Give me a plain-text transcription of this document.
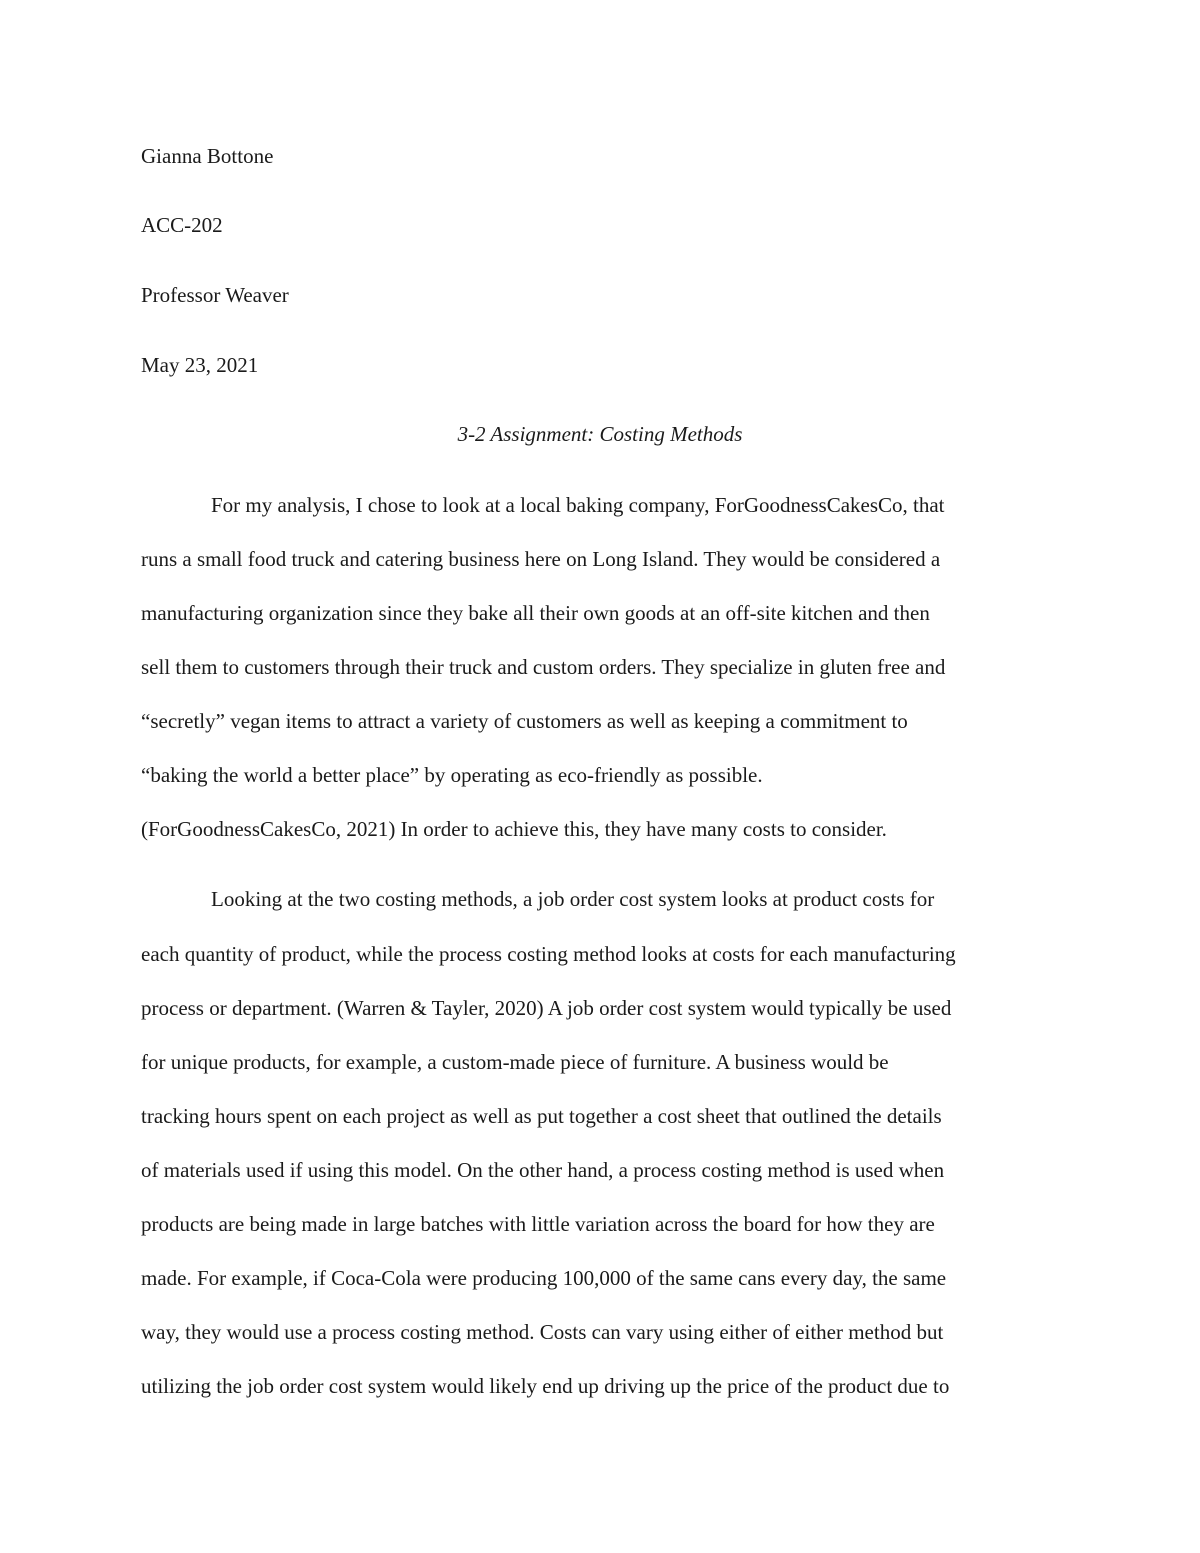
Gianna Bottone
ACC-202
Professor Weaver
May 23, 2021
3-2 Assignment: Costing Methods
For my analysis, I chose to look at a local baking company, ForGoodnessCakesCo, that
runs a small food truck and catering business here on Long Island. They would be considered a
manufacturing organization since they bake all their own goods at an off-site kitchen and then
sell them to customers through their truck and custom orders. They specialize in gluten free and
“secretly” vegan items to attract a variety of customers as well as keeping a commitment to
“baking the world a better place” by operating as eco-friendly as possible.
(ForGoodnessCakesCo, 2021) In order to achieve this, they have many costs to consider.
Looking at the two costing methods, a job order cost system looks at product costs for
each quantity of product, while the process costing method looks at costs for each manufacturing
process or department. (Warren & Tayler, 2020) A job order cost system would typically be used
for unique products, for example, a custom-made piece of furniture. A business would be
tracking hours spent on each project as well as put together a cost sheet that outlined the details
of materials used if using this model. On the other hand, a process costing method is used when
products are being made in large batches with little variation across the board for how they are
made. For example, if Coca-Cola were producing 100,000 of the same cans every day, the same
way, they would use a process costing method. Costs can vary using either of either method but
utilizing the job order cost system would likely end up driving up the price of the product due to
